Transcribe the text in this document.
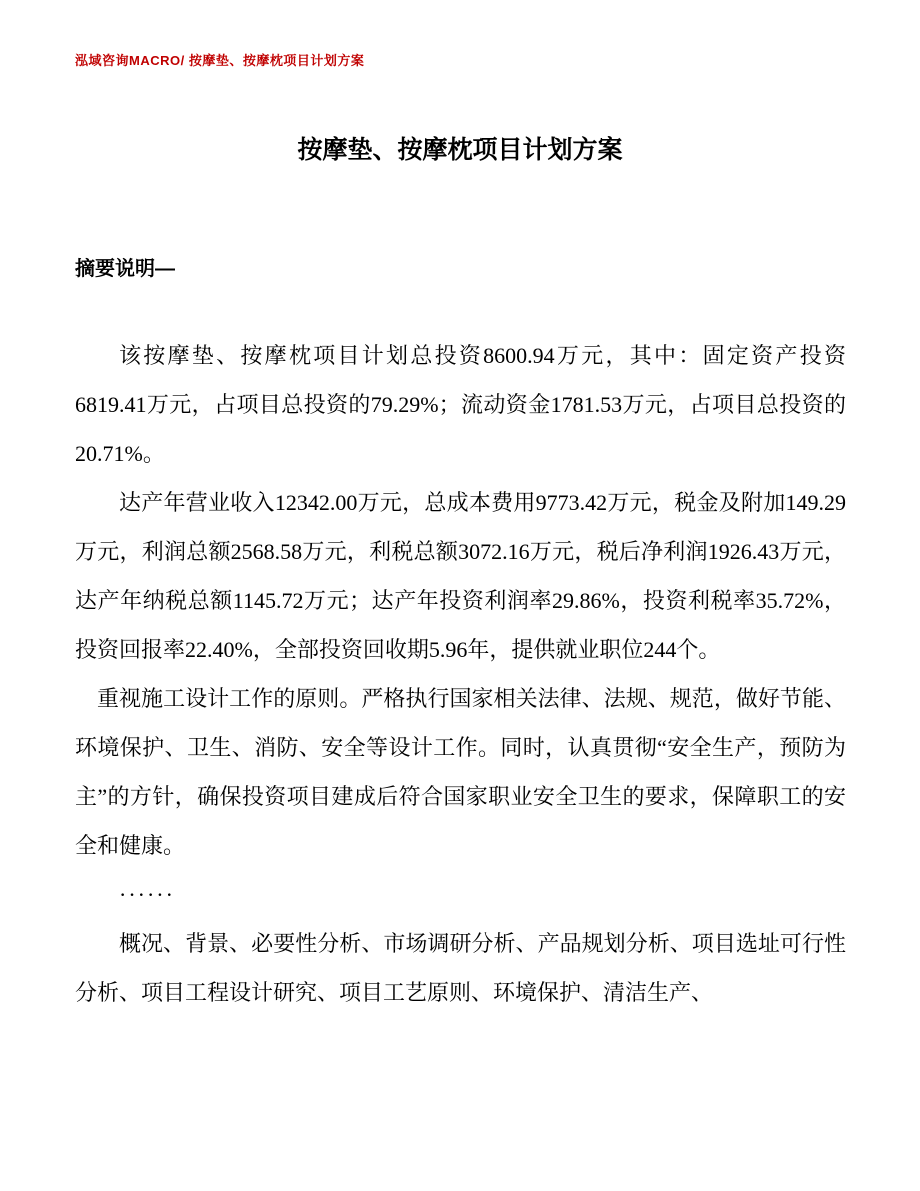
泓域咨询MACRO/ 按摩垫、按摩枕项目计划方案
按摩垫、按摩枕项目计划方案
摘要说明—

该按摩垫、按摩枕项目计划总投资8600.94万元，其中：固定资产投资6819.41万元，占项目总投资的79.29%；流动资金1781.53万元，占项目总投资的20.71%。

达产年营业收入12342.00万元，总成本费用9773.42万元，税金及附加149.29万元，利润总额2568.58万元，利税总额3072.16万元，税后净利润1926.43万元，达产年纳税总额1145.72万元；达产年投资利润率29.86%，投资利税率35.72%，投资回报率22.40%，全部投资回收期5.96年，提供就业职位244个。

重视施工设计工作的原则。严格执行国家相关法律、法规、规范，做好节能、环境保护、卫生、消防、安全等设计工作。同时，认真贯彻“安全生产，预防为主”的方针，确保投资项目建成后符合国家职业安全卫生的要求，保障职工的安全和健康。

······

概况、背景、必要性分析、市场调研分析、产品规划分析、项目选址可行性分析、项目工程设计研究、项目工艺原则、环境保护、清洁生产、
